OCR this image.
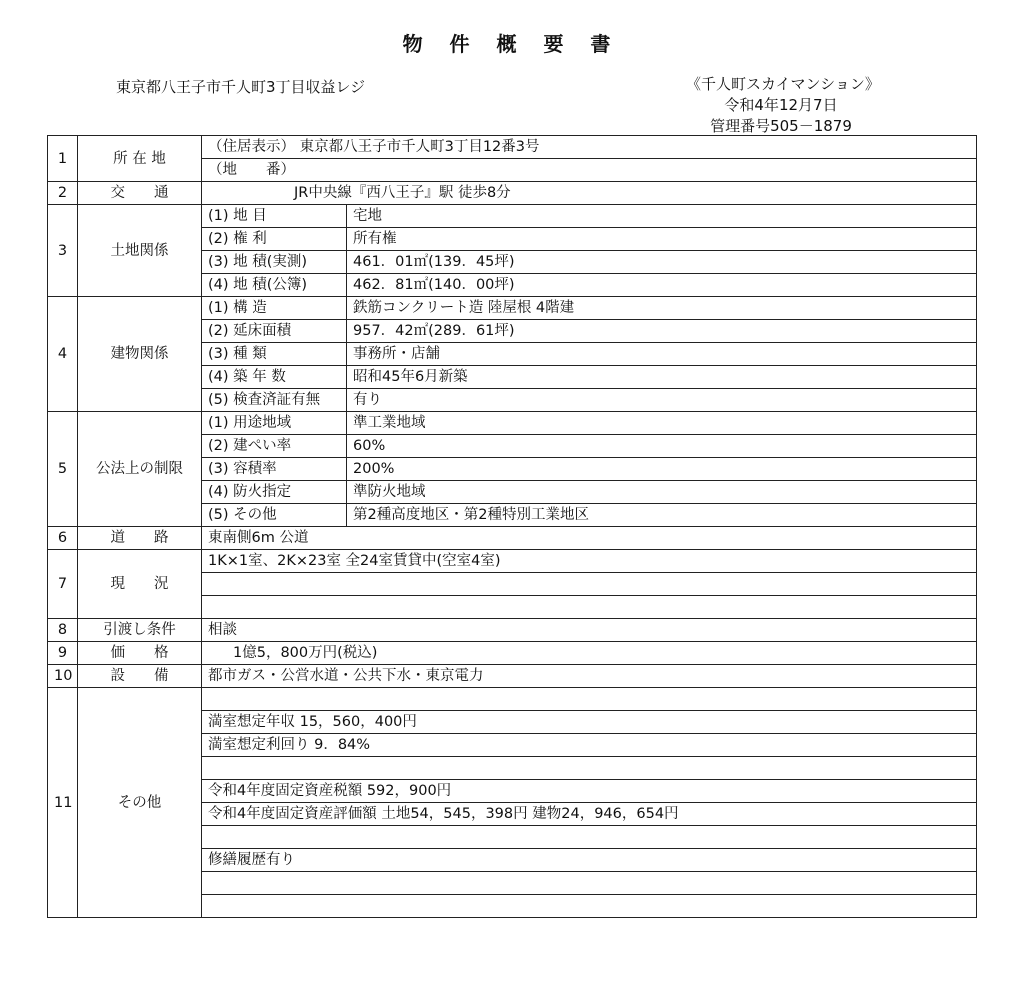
物 件 概 要 書
東京都八王子市千人町3丁目収益レジ	《千人町スカイマンション》
令和4年12月7日
管理番号505－1879
1	所 在 地	（住居表示） 東京都八王子市千人町3丁目12番3号	
		（地　　番）	
2	交　　通	JR中央線『西八王子』駅 徒歩8分	
3	土地関係	(1) 地 目	宅地
		(2) 権 利	所有権
		(3) 地 積(実測)	461．01㎡(139．45坪)
		(4) 地 積(公簿)	462．81㎡(140．00坪)
4	建物関係	(1) 構 造	鉄筋コンクリート造 陸屋根 4階建
		(2) 延床面積	957．42㎡(289．61坪)
		(3) 種 類	事務所・店舗
		(4) 築 年 数	昭和45年6月新築
		(5) 検査済証有無	有り
5	公法上の制限	(1) 用途地域	準工業地域
		(2) 建ぺい率	60%
		(3) 容積率	200%
		(4) 防火指定	準防火地域
		(5) その他	第2種高度地区・第2種特別工業地区
6	道　　路	東南側6m 公道	
7	現　　況	1K×1室、2K×23室 全24室賃貸中(空室4室)	

8	引渡し条件	相談	
9	価　　格	1億5，800万円(税込)	
10	設　　備	都市ガス・公営水道・公共下水・東京電力	
11	その他		
		満室想定年収 15，560，400円	
		満室想定利回り 9．84%	

		令和4年度固定資産税額 592，900円	
		令和4年度固定資産評価額 土地54，545，398円 建物24，946，654円	

		修繕履歴有り	
